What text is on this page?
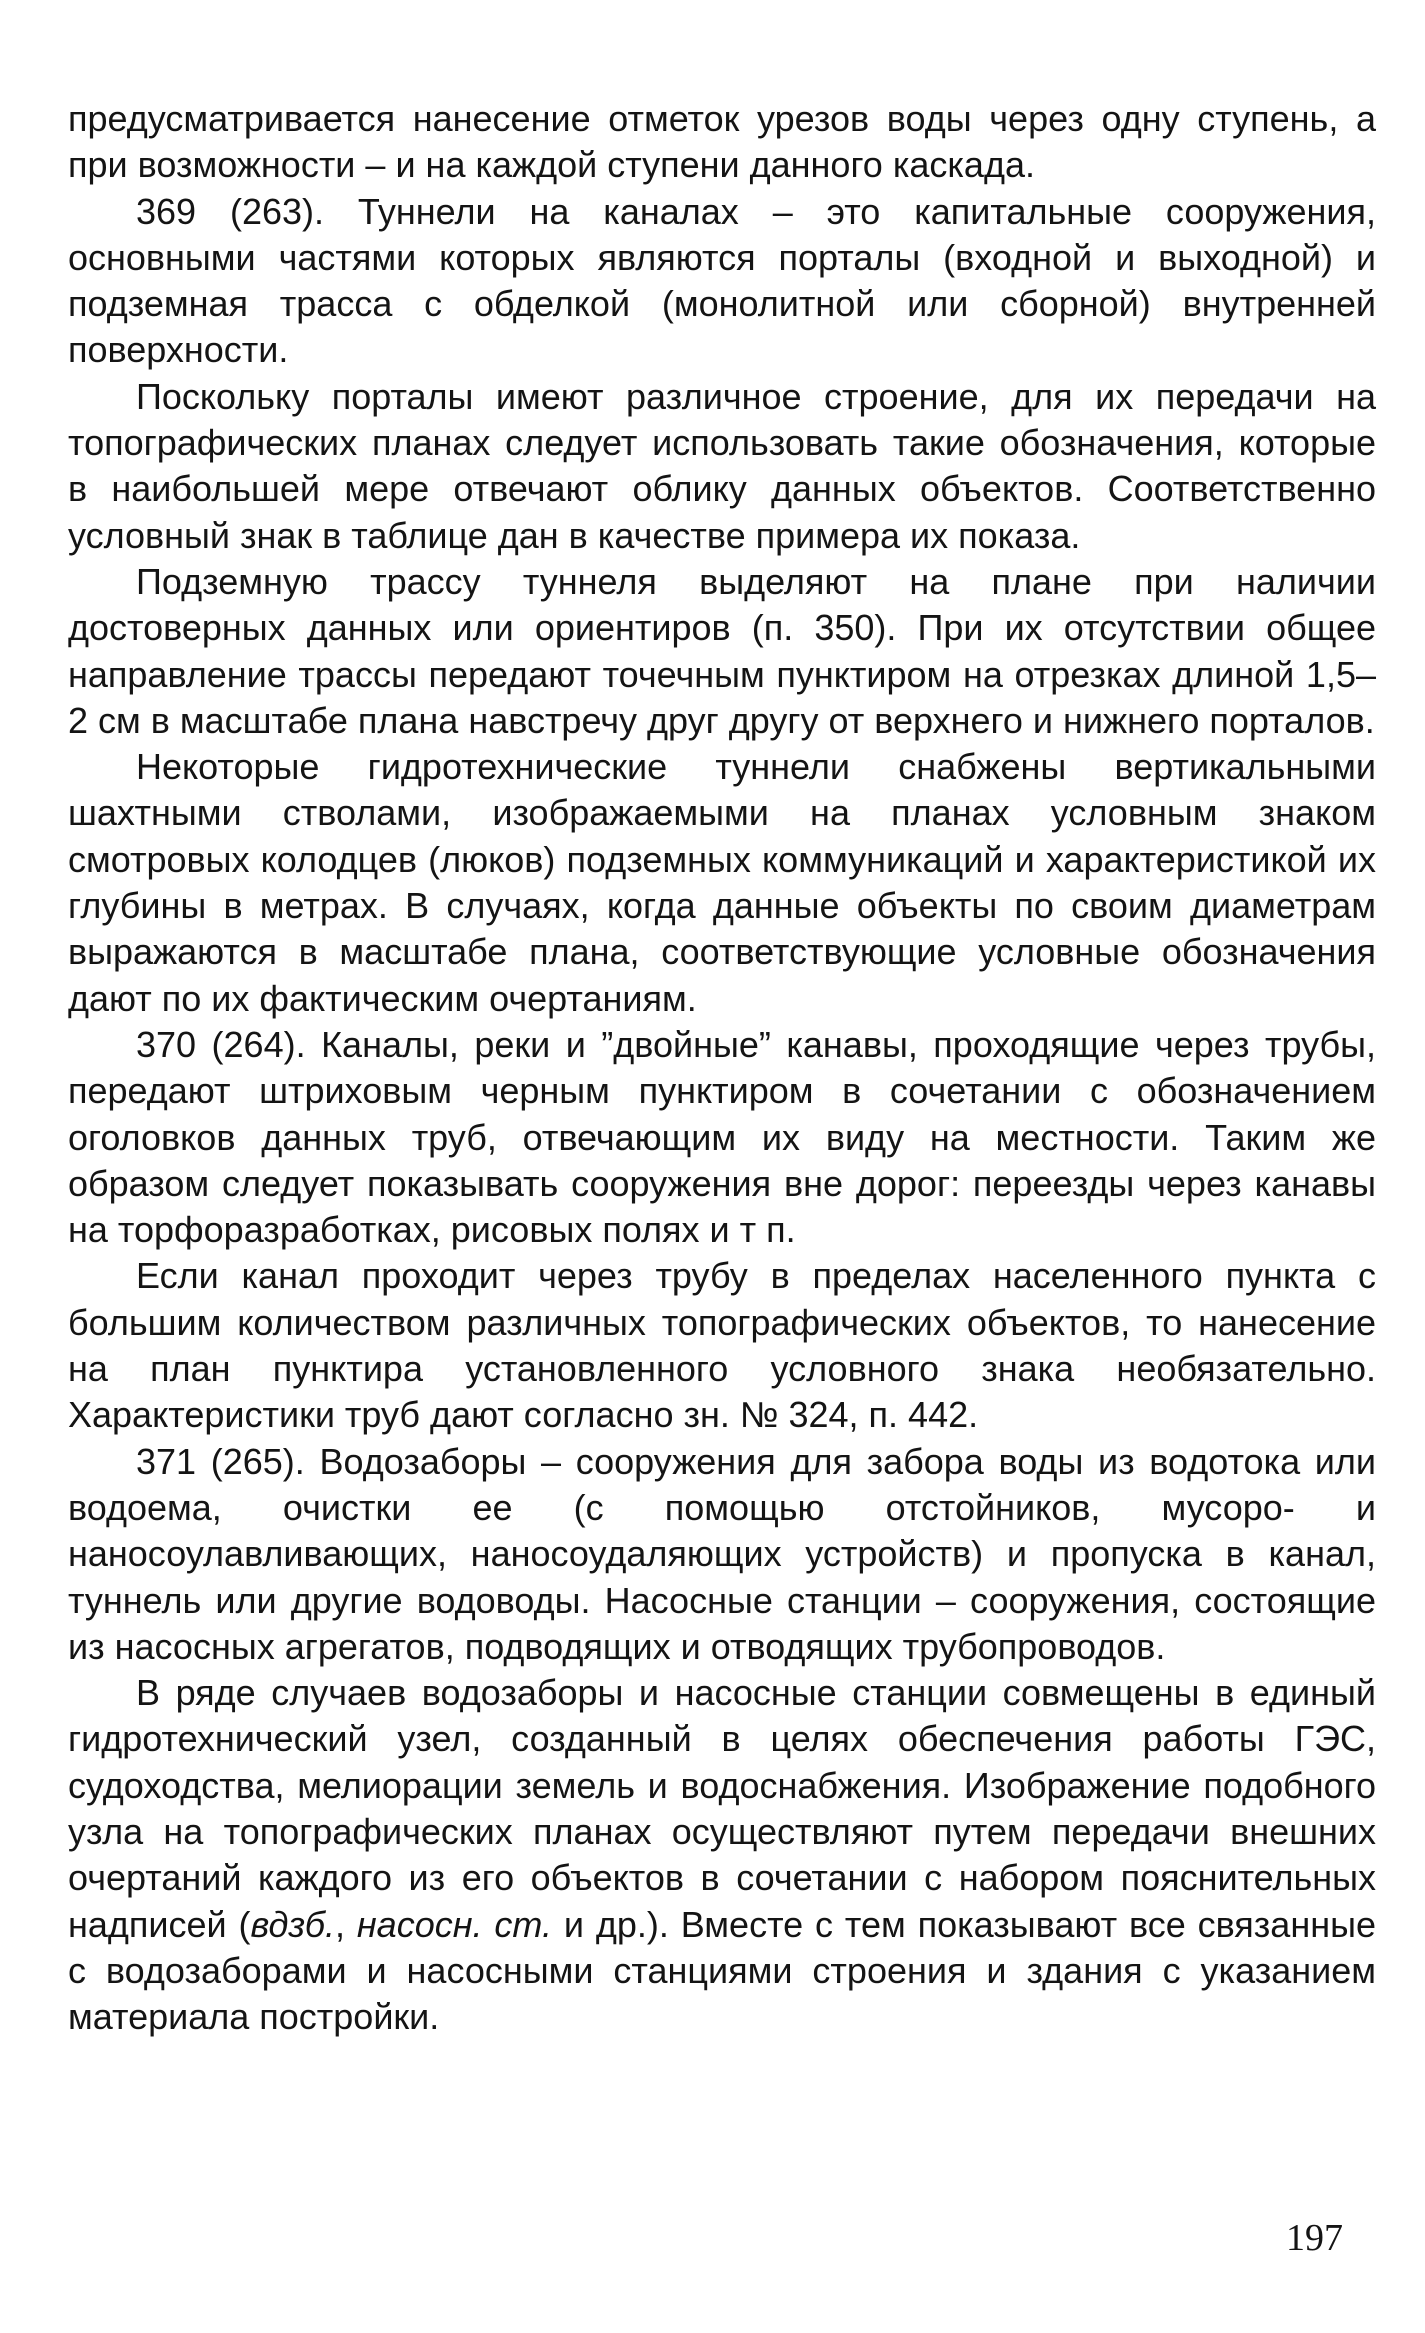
предусматривается нанесение отметок урезов воды через одну ступень, а при возможности – и на каждой ступени данного каскада.

369 (263). Туннели на каналах – это капитальные сооружения, основными частями которых являются порталы (входной и выходной) и подземная трасса с обделкой (монолитной или сборной) внутренней поверхности.

Поскольку порталы имеют различное строение, для их передачи на топографических планах следует использовать такие обозначения, которые в наибольшей мере отвечают облику данных объектов. Соответственно условный знак в таблице дан в качестве примера их показа.

Подземную трассу туннеля выделяют на плане при наличии достоверных данных или ориентиров (п. 350). При их отсутствии общее направление трассы передают точечным пунктиром на отрезках длиной 1,5–2 см в масштабе плана навстречу друг другу от верхнего и нижнего порталов.

Некоторые гидротехнические туннели снабжены вертикальными шахтными стволами, изображаемыми на планах условным знаком смотровых колодцев (люков) подземных коммуникаций и характеристикой их глубины в метрах. В случаях, когда данные объекты по своим диаметрам выражаются в масштабе плана, соответствующие условные обозначения дают по их фактическим очертаниям.

370 (264). Каналы, реки и ”двойные” канавы, проходящие через трубы, передают штриховым черным пунктиром в сочетании с обозначением оголовков данных труб, отвечающим их виду на местности. Таким же образом следует показывать сооружения вне дорог: переезды через канавы на торфоразработках, рисовых полях и т п.

Если канал проходит через трубу в пределах населенного пункта с большим количеством различных топографических объектов, то нанесение на план пунктира установленного условного знака необязательно. Характеристики труб дают согласно зн. № 324, п. 442.

371 (265). Водозаборы – сооружения для забора воды из водотока или водоема, очистки ее (с помощью отстойников, мусоро- и наносоулавливающих, наносоудаляющих устройств) и пропуска в канал, туннель или другие водоводы. Насосные станции – сооружения, состоящие из насосных агрегатов, подводящих и отводящих трубопроводов.

В ряде случаев водозаборы и насосные станции совмещены в единый гидротехнический узел, созданный в целях обеспечения работы ГЭС, судоходства, мелиорации земель и водоснабжения. Изображение подобного узла на топографических планах осуществляют путем передачи внешних очертаний каждого из его объектов в сочетании с набором пояснительных надписей (вдзб., насосн. ст. и др.). Вместе с тем показывают все связанные с водозаборами и насосными станциями строения и здания с указанием материала постройки.

197
